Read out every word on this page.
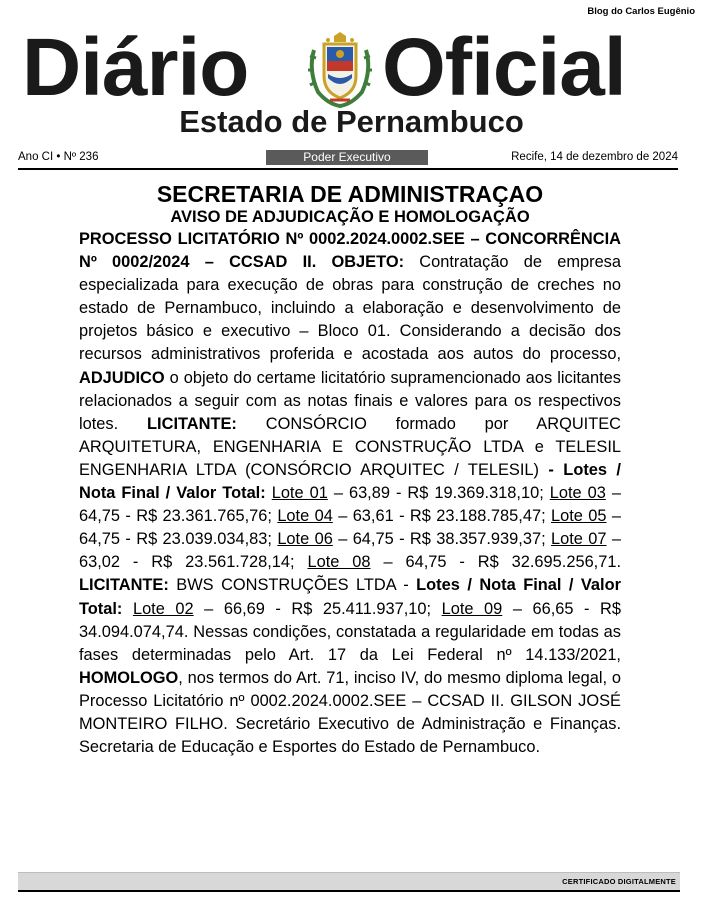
Blog do Carlos Eugênio
Diário Oficial
Estado de Pernambuco
Ano CI • Nº 236	Poder Executivo	Recife, 14 de dezembro de 2024
SECRETARIA DE ADMINISTRAÇAO
AVISO DE ADJUDICAÇÃO E HOMOLOGAÇÃO

PROCESSO LICITATÓRIO Nº 0002.2024.0002.SEE – CONCORRÊNCIA Nº 0002/2024 – CCSAD II. OBJETO: Contratação de empresa especializada para execução de obras para construção de creches no estado de Pernambuco, incluindo a elaboração e desenvolvimento de projetos básico e executivo – Bloco 01. Considerando a decisão dos recursos administrativos proferida e acostada aos autos do processo, ADJUDICO o objeto do certame licitatório supramencionado aos licitantes relacionados a seguir com as notas finais e valores para os respectivos lotes. LICITANTE: CONSÓRCIO formado por ARQUITEC ARQUITETURA, ENGENHARIA E CONSTRUÇÃO LTDA e TELESIL ENGENHARIA LTDA (CONSÓRCIO ARQUITEC / TELESIL) - Lotes / Nota Final / Valor Total: Lote 01 – 63,89 - R$ 19.369.318,10; Lote 03 – 64,75 - R$ 23.361.765,76; Lote 04 – 63,61 - R$ 23.188.785,47; Lote 05 – 64,75 - R$ 23.039.034,83; Lote 06 – 64,75 - R$ 38.357.939,37; Lote 07 – 63,02 - R$ 23.561.728,14; Lote 08 – 64,75 - R$ 32.695.256,71. LICITANTE: BWS CONSTRUÇÕES LTDA - Lotes / Nota Final / Valor Total: Lote 02 – 66,69 - R$ 25.411.937,10; Lote 09 – 66,65 - R$ 34.094.074,74. Nessas condições, constatada a regularidade em todas as fases determinadas pelo Art. 17 da Lei Federal nº 14.133/2021, HOMOLOGO, nos termos do Art. 71, inciso IV, do mesmo diploma legal, o Processo Licitatório nº 0002.2024.0002.SEE – CCSAD II. GILSON JOSÉ MONTEIRO FILHO. Secretário Executivo de Administração e Finanças. Secretaria de Educação e Esportes do Estado de Pernambuco.

CERTIFICADO DIGITALMENTE
